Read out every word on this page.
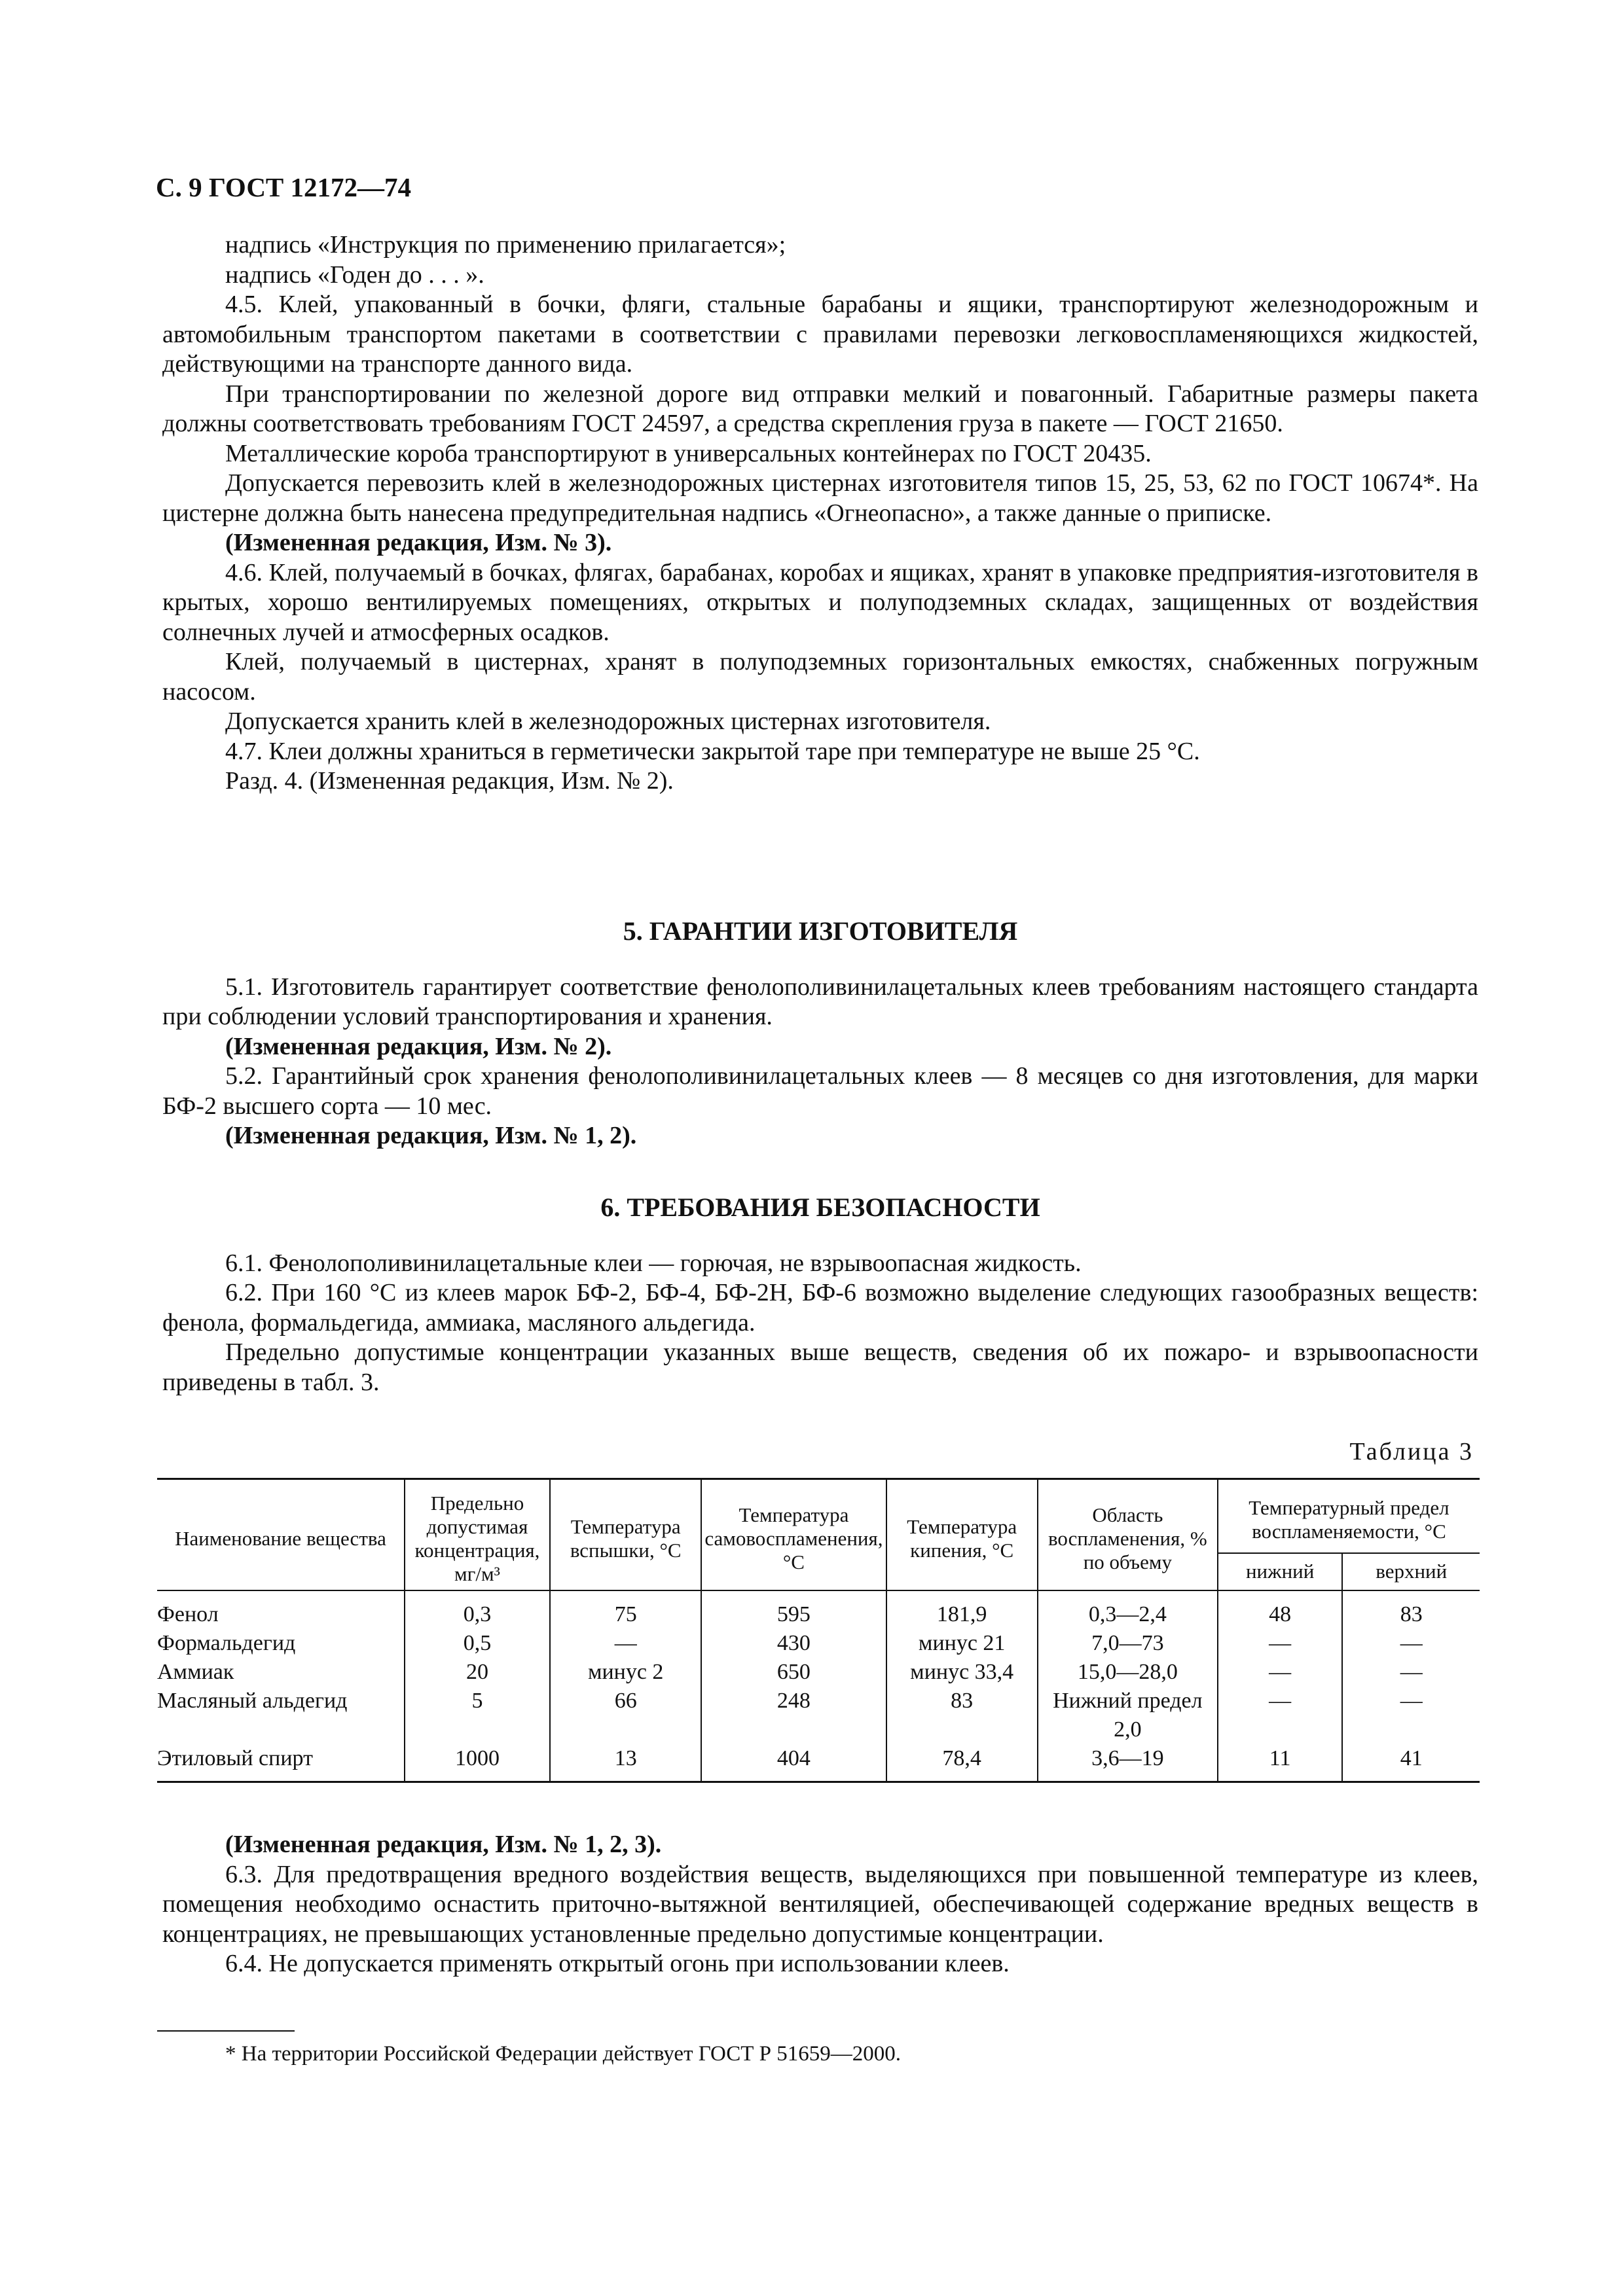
С. 9 ГОСТ 12172—74

надпись «Инструкция по применению прилагается»;

надпись «Годен до . . . ».

4.5. Клей, упакованный в бочки, фляги, стальные барабаны и ящики, транспортируют железнодорожным и автомобильным транспортом пакетами в соответствии с правилами перевозки легковоспламеняющихся жидкостей, действующими на транспорте данного вида.

При транспортировании по железной дороге вид отправки мелкий и повагонный. Габаритные размеры пакета должны соответствовать требованиям ГОСТ 24597, а средства скрепления груза в пакете — ГОСТ 21650.

Металлические короба транспортируют в универсальных контейнерах по ГОСТ 20435.

Допускается перевозить клей в железнодорожных цистернах изготовителя типов 15, 25, 53, 62 по ГОСТ 10674*. На цистерне должна быть нанесена предупредительная надпись «Огнеопасно», а также данные о приписке.

(Измененная редакция, Изм. № 3).

4.6. Клей, получаемый в бочках, флягах, барабанах, коробах и ящиках, хранят в упаковке предприятия-изготовителя в крытых, хорошо вентилируемых помещениях, открытых и полуподземных складах, защищенных от воздействия солнечных лучей и атмосферных осадков.

Клей, получаемый в цистернах, хранят в полуподземных горизонтальных емкостях, снабженных погружным насосом.

Допускается хранить клей в железнодорожных цистернах изготовителя.

4.7. Клеи должны храниться в герметически закрытой таре при температуре не выше 25 °С.

Разд. 4. (Измененная редакция, Изм. № 2).

5. ГАРАНТИИ ИЗГОТОВИТЕЛЯ

5.1. Изготовитель гарантирует соответствие фенолополивинилацетальных клеев требованиям настоящего стандарта при соблюдении условий транспортирования и хранения.

(Измененная редакция, Изм. № 2).

5.2. Гарантийный срок хранения фенолополивинилацетальных клеев — 8 месяцев со дня изготовления, для марки БФ-2 высшего сорта — 10 мес.

(Измененная редакция, Изм. № 1, 2).

6. ТРЕБОВАНИЯ БЕЗОПАСНОСТИ

6.1. Фенолополивинилацетальные клеи — горючая, не взрывоопасная жидкость.

6.2. При 160 °С из клеев марок БФ-2, БФ-4, БФ-2Н, БФ-6 возможно выделение следующих газообразных веществ: фенола, формальдегида, аммиака, масляного альдегида.

Предельно допустимые концентрации указанных выше веществ, сведения об их пожаро- и взрывоопасности приведены в табл. 3.

Таблица 3
Наименование вещества	Предельно допустимая концентрация, мг/м³	Температура вспышки, °С	Температура самовоспламенения, °С	Температура кипения, °С	Область воспламенения, % по объему	Температурный предел воспламеняемости, °С	
						нижний	верхний
Фенол	0,3	75	595	181,9	0,3—2,4	48	83
Формальдегид	0,5	—	430	минус 21	7,0—73	—	—
Аммиак	20	минус 2	650	минус 33,4	15,0—28,0	—	—
Масляный альдегид	5	66	248	83	Нижний предел 2,0	—	—
Этиловый спирт	1000	13	404	78,4	3,6—19	11	41

(Измененная редакция, Изм. № 1, 2, 3).

6.3. Для предотвращения вредного воздействия веществ, выделяющихся при повышенной температуре из клеев, помещения необходимо оснастить приточно-вытяжной вентиляцией, обеспечивающей содержание вредных веществ в концентрациях, не превышающих установленные предельно допустимые концентрации.

6.4. Не допускается применять открытый огонь при использовании клеев.

* На территории Российской Федерации действует ГОСТ Р 51659—2000.
